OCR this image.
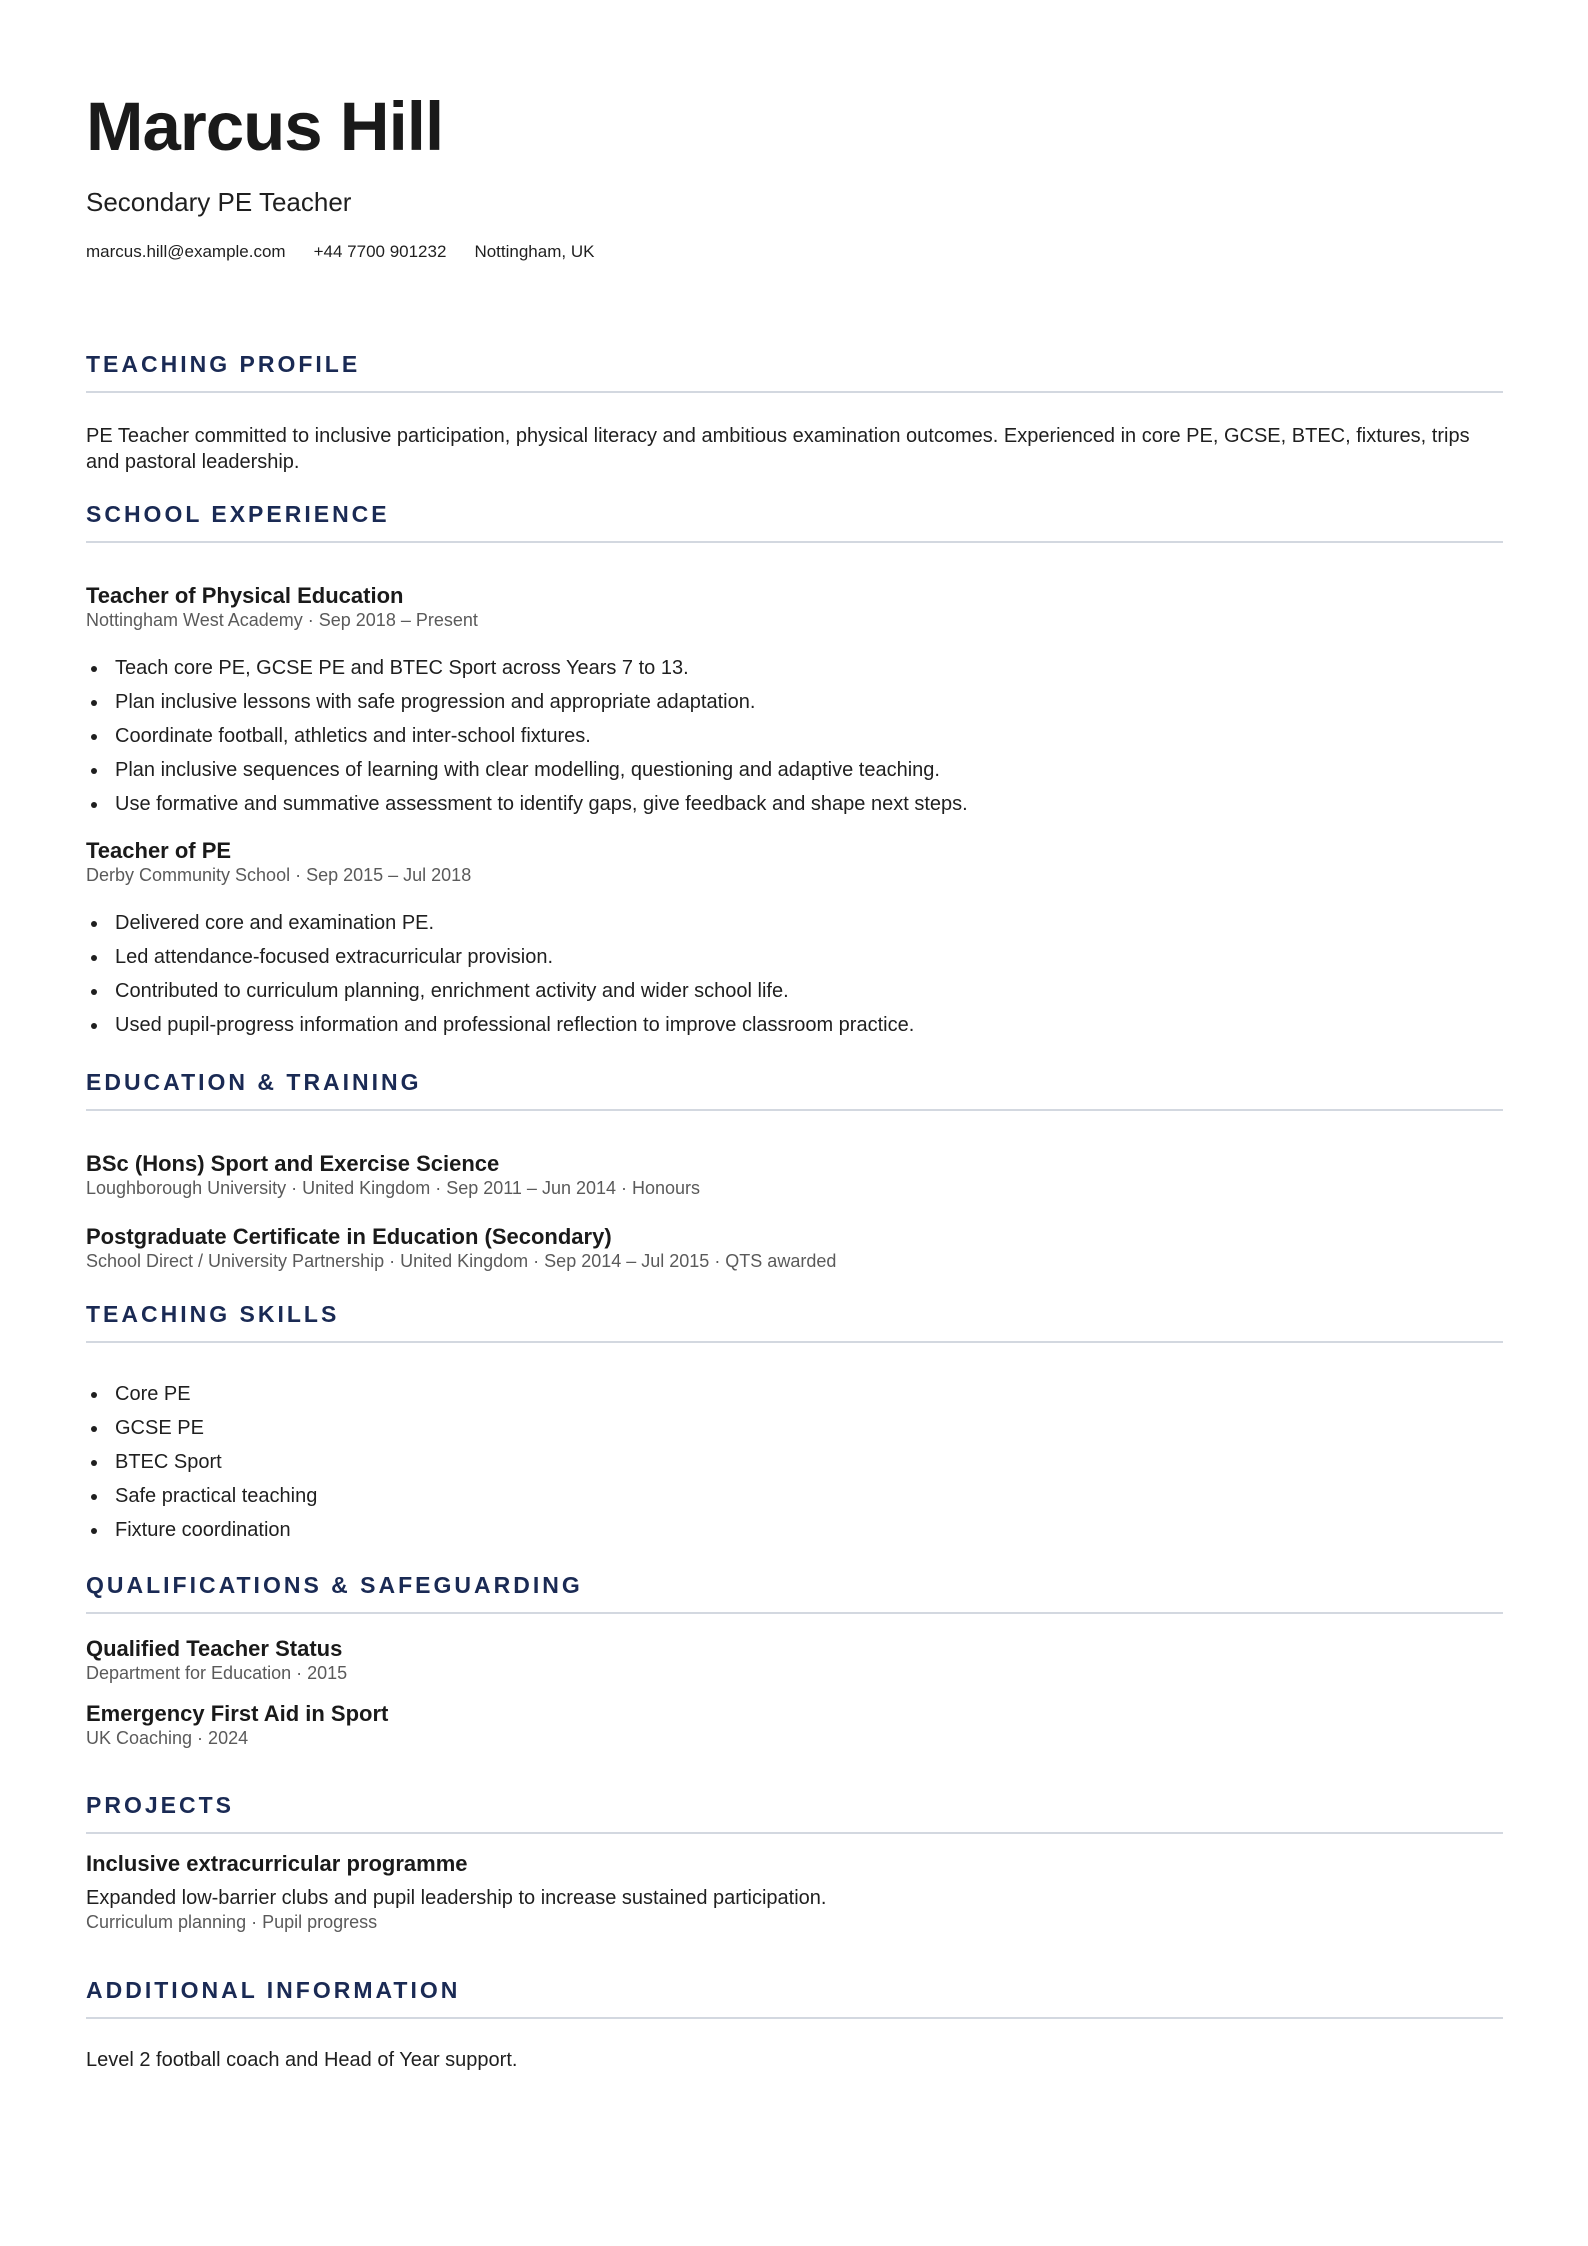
Marcus Hill
Secondary PE Teacher
marcus.hill@example.com +44 7700 901232 Nottingham, UK
TEACHING PROFILE

PE Teacher committed to inclusive participation, physical literacy and ambitious examination outcomes. Experienced in core PE, GCSE, BTEC, fixtures, trips and pastoral leadership.

SCHOOL EXPERIENCE
Teacher of Physical Education
Nottingham West Academy · Sep 2018 – Present
Teach core PE, GCSE PE and BTEC Sport across Years 7 to 13.
Plan inclusive lessons with safe progression and appropriate adaptation.
Coordinate football, athletics and inter-school fixtures.
Plan inclusive sequences of learning with clear modelling, questioning and adaptive teaching.
Use formative and summative assessment to identify gaps, give feedback and shape next steps.
Teacher of PE
Derby Community School · Sep 2015 – Jul 2018
Delivered core and examination PE.
Led attendance-focused extracurricular provision.
Contributed to curriculum planning, enrichment activity and wider school life.
Used pupil-progress information and professional reflection to improve classroom practice.
EDUCATION & TRAINING
BSc (Hons) Sport and Exercise Science
Loughborough University · United Kingdom · Sep 2011 – Jun 2014 · Honours
Postgraduate Certificate in Education (Secondary)
School Direct / University Partnership · United Kingdom · Sep 2014 – Jul 2015 · QTS awarded
TEACHING SKILLS
Core PE
GCSE PE
BTEC Sport
Safe practical teaching
Fixture coordination
QUALIFICATIONS & SAFEGUARDING
Qualified Teacher Status
Department for Education · 2015
Emergency First Aid in Sport
UK Coaching · 2024
PROJECTS
Inclusive extracurricular programme
Expanded low-barrier clubs and pupil leadership to increase sustained participation.
Curriculum planning · Pupil progress
ADDITIONAL INFORMATION

Level 2 football coach and Head of Year support.
